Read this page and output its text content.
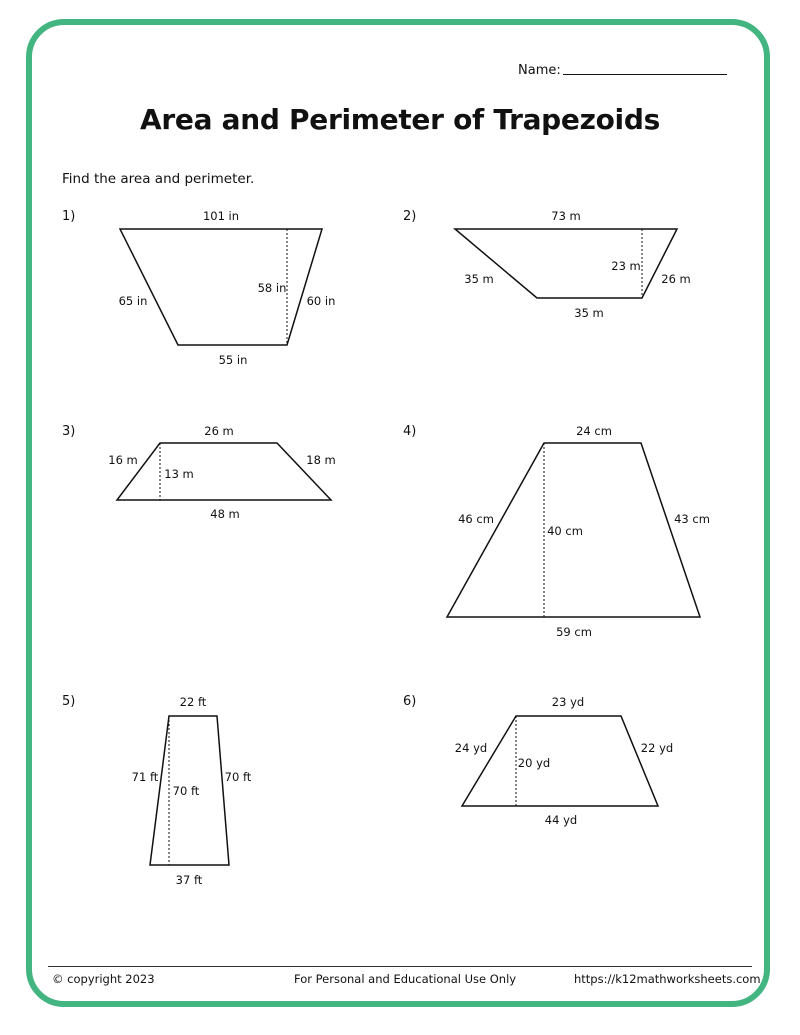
Name:
Area and Perimeter of Trapezoids
Find the area and perimeter.
1)	2)
3)	4)
5)	6)
101 in
55 in
65 in	60 in
58 in
73 m
35 m
35 m	26 m
23 m
26 m
48 m
16 m	18 m
13 m
24 cm
59 cm
46 cm	43 cm
40 cm
22 ft
37 ft
71 ft	70 ft
70 ft
23 yd
44 yd
24 yd	22 yd
20 yd
© copyright 2023	For Personal and Educational Use Only	https://k12mathworksheets.com
